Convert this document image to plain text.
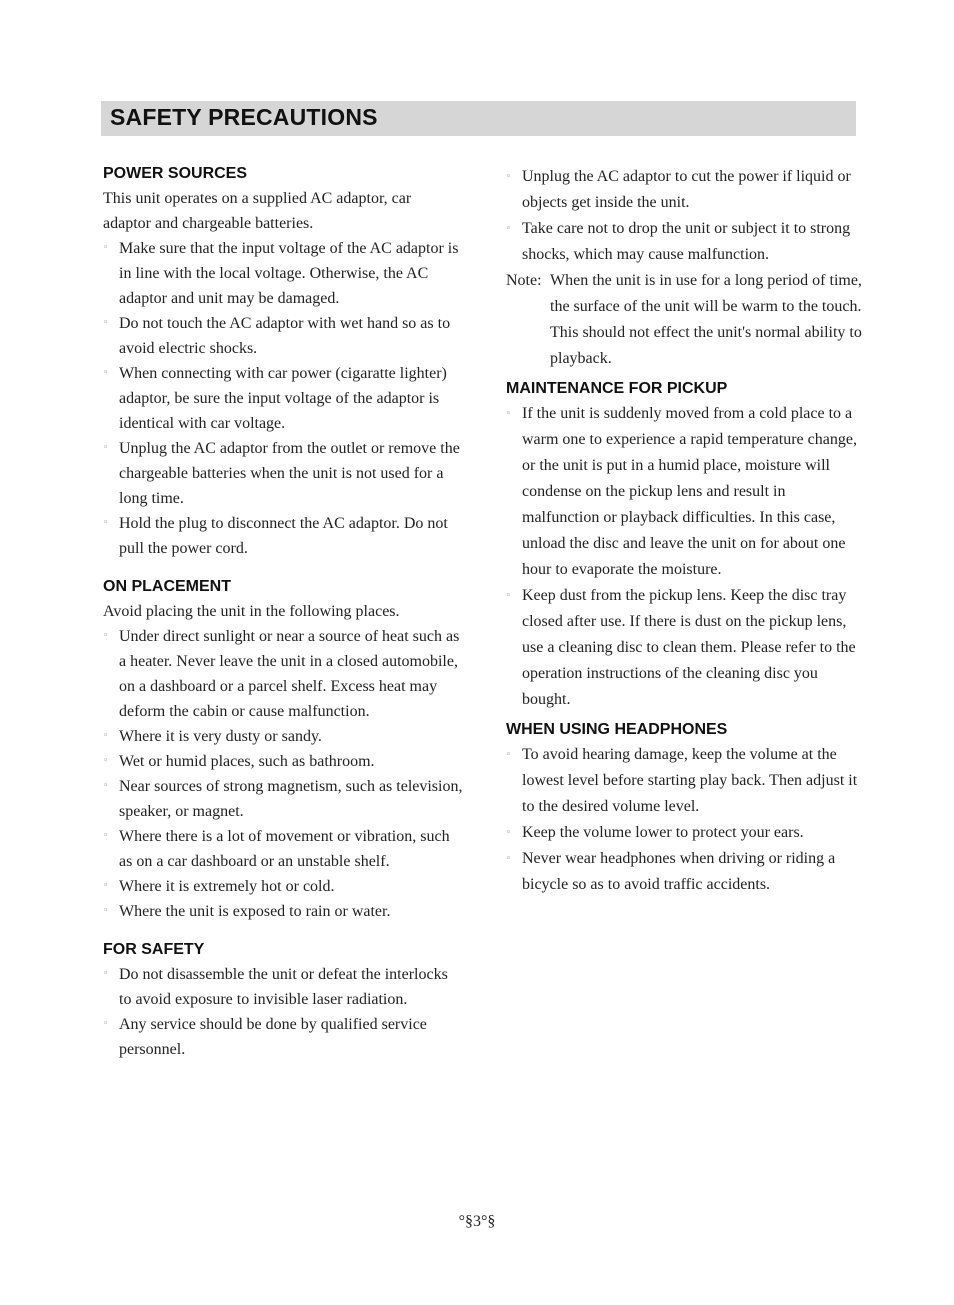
SAFETY PRECAUTIONS
POWER SOURCES

This unit operates on a supplied AC adaptor, car adaptor and chargeable batteries.

◦ Make sure that the input voltage of the AC adaptor is in line with the local voltage. Otherwise, the AC adaptor and unit may be damaged.

◦ Do not touch the AC adaptor with wet hand so as to avoid electric shocks.

◦ When connecting with car power (cigaratte lighter) adaptor, be sure the input voltage of the adaptor is identical with car voltage.

◦ Unplug the AC adaptor from the outlet or remove the chargeable batteries when the unit is not used for a long time.

◦ Hold the plug to disconnect the AC adaptor. Do not pull the power cord.

ON PLACEMENT

Avoid placing the unit in the following places.

◦ Under direct sunlight or near a source of heat such as a heater. Never leave the unit in a closed automobile, on a dashboard or a parcel shelf. Excess heat may deform the cabin or cause malfunction.

◦ Where it is very dusty or sandy.

◦ Wet or humid places, such as bathroom.

◦ Near sources of strong magnetism, such as television, speaker, or magnet.

◦ Where there is a lot of movement or vibration, such as on a car dashboard or an unstable shelf.

◦ Where it is extremely hot or cold.

◦ Where the unit is exposed to rain or water.

FOR SAFETY

◦ Do not disassemble the unit or defeat the interlocks to avoid exposure to invisible laser radiation.

◦ Any service should be done by qualified service personnel.

◦ Unplug the AC adaptor to cut the power if liquid or objects get inside the unit.

◦ Take care not to drop the unit or subject it to strong shocks, which may cause malfunction.

Note: When the unit is in use for a long period of time, the surface of the unit will be warm to the touch. This should not effect the unit's normal ability to playback.

MAINTENANCE FOR PICKUP

◦ If the unit is suddenly moved from a cold place to a warm one to experience a rapid temperature change, or the unit is put in a humid place, moisture will condense on the pickup lens and result in malfunction or playback difficulties. In this case, unload the disc and leave the unit on for about one hour to evaporate the moisture.

◦ Keep dust from the pickup lens. Keep the disc tray closed after use. If there is dust on the pickup lens, use a cleaning disc to clean them. Please refer to the operation instructions of the cleaning disc you bought.

WHEN USING HEADPHONES

◦ To avoid hearing damage, keep the volume at the lowest level before starting play back. Then adjust it to the desired volume level.

◦ Keep the volume lower to protect your ears.

◦ Never wear headphones when driving or riding a bicycle so as to avoid traffic accidents.

°§3°§
